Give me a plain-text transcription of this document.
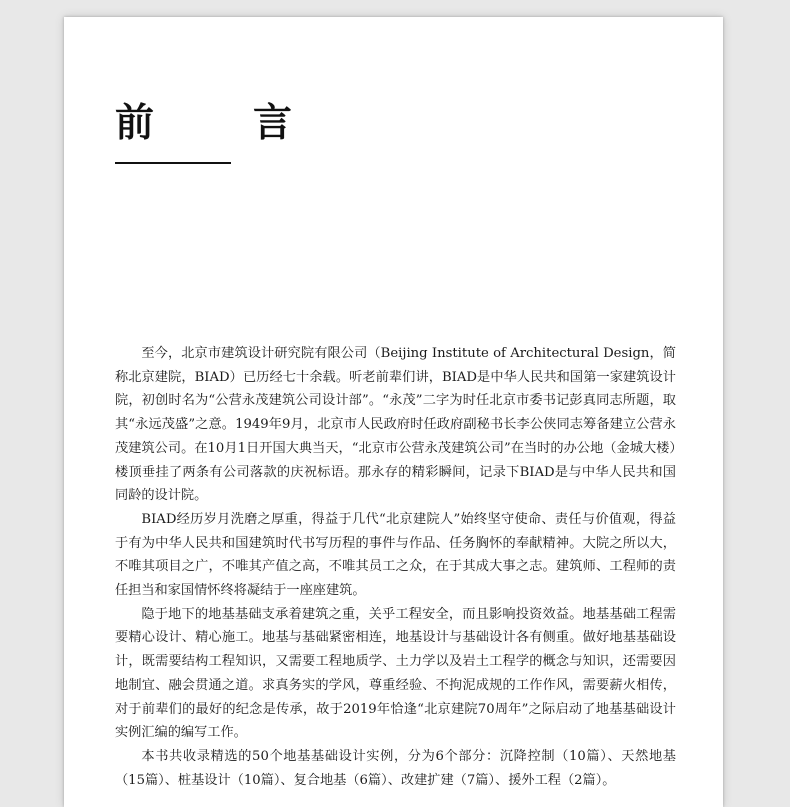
前　言

至今，北京市建筑设计研究院有限公司（Beijing Institute of Architectural Design，简称北京建院，BIAD）已历经七十余载。听老前辈们讲，BIAD是中华人民共和国第一家建筑设计院，初创时名为“公营永茂建筑公司设计部”。“永茂”二字为时任北京市委书记彭真同志所题，取其“永远茂盛”之意。1949年9月，北京市人民政府时任政府副秘书长李公侠同志筹备建立公营永茂建筑公司。在10月1日开国大典当天，“北京市公营永茂建筑公司”在当时的办公地（金城大楼）楼顶垂挂了两条有公司落款的庆祝标语。那永存的精彩瞬间，记录下BIAD是与中华人民共和国同龄的设计院。

BIAD经历岁月洗磨之厚重，得益于几代“北京建院人”始终坚守使命、责任与价值观，得益于有为中华人民共和国建筑时代书写历程的事件与作品、任务胸怀的奉献精神。大院之所以大，不唯其项目之广，不唯其产值之高，不唯其员工之众，在于其成大事之志。建筑师、工程师的责任担当和家国情怀终将凝结于一座座建筑。

隐于地下的地基基础支承着建筑之重，关乎工程安全，而且影响投资效益。地基基础工程需要精心设计、精心施工。地基与基础紧密相连，地基设计与基础设计各有侧重。做好地基基础设计，既需要结构工程知识，又需要工程地质学、土力学以及岩土工程学的概念与知识，还需要因地制宜、融会贯通之道。求真务实的学风，尊重经验、不拘泥成规的工作作风，需要薪火相传，对于前辈们的最好的纪念是传承，故于2019年恰逢“北京建院70周年”之际启动了地基基础设计实例汇编的编写工作。

本书共收录精选的50个地基基础设计实例，分为6个部分：沉降控制（10篇）、天然地基（15篇）、桩基设计（10篇）、复合地基（6篇）、改建扩建（7篇）、援外工程（2篇）。
